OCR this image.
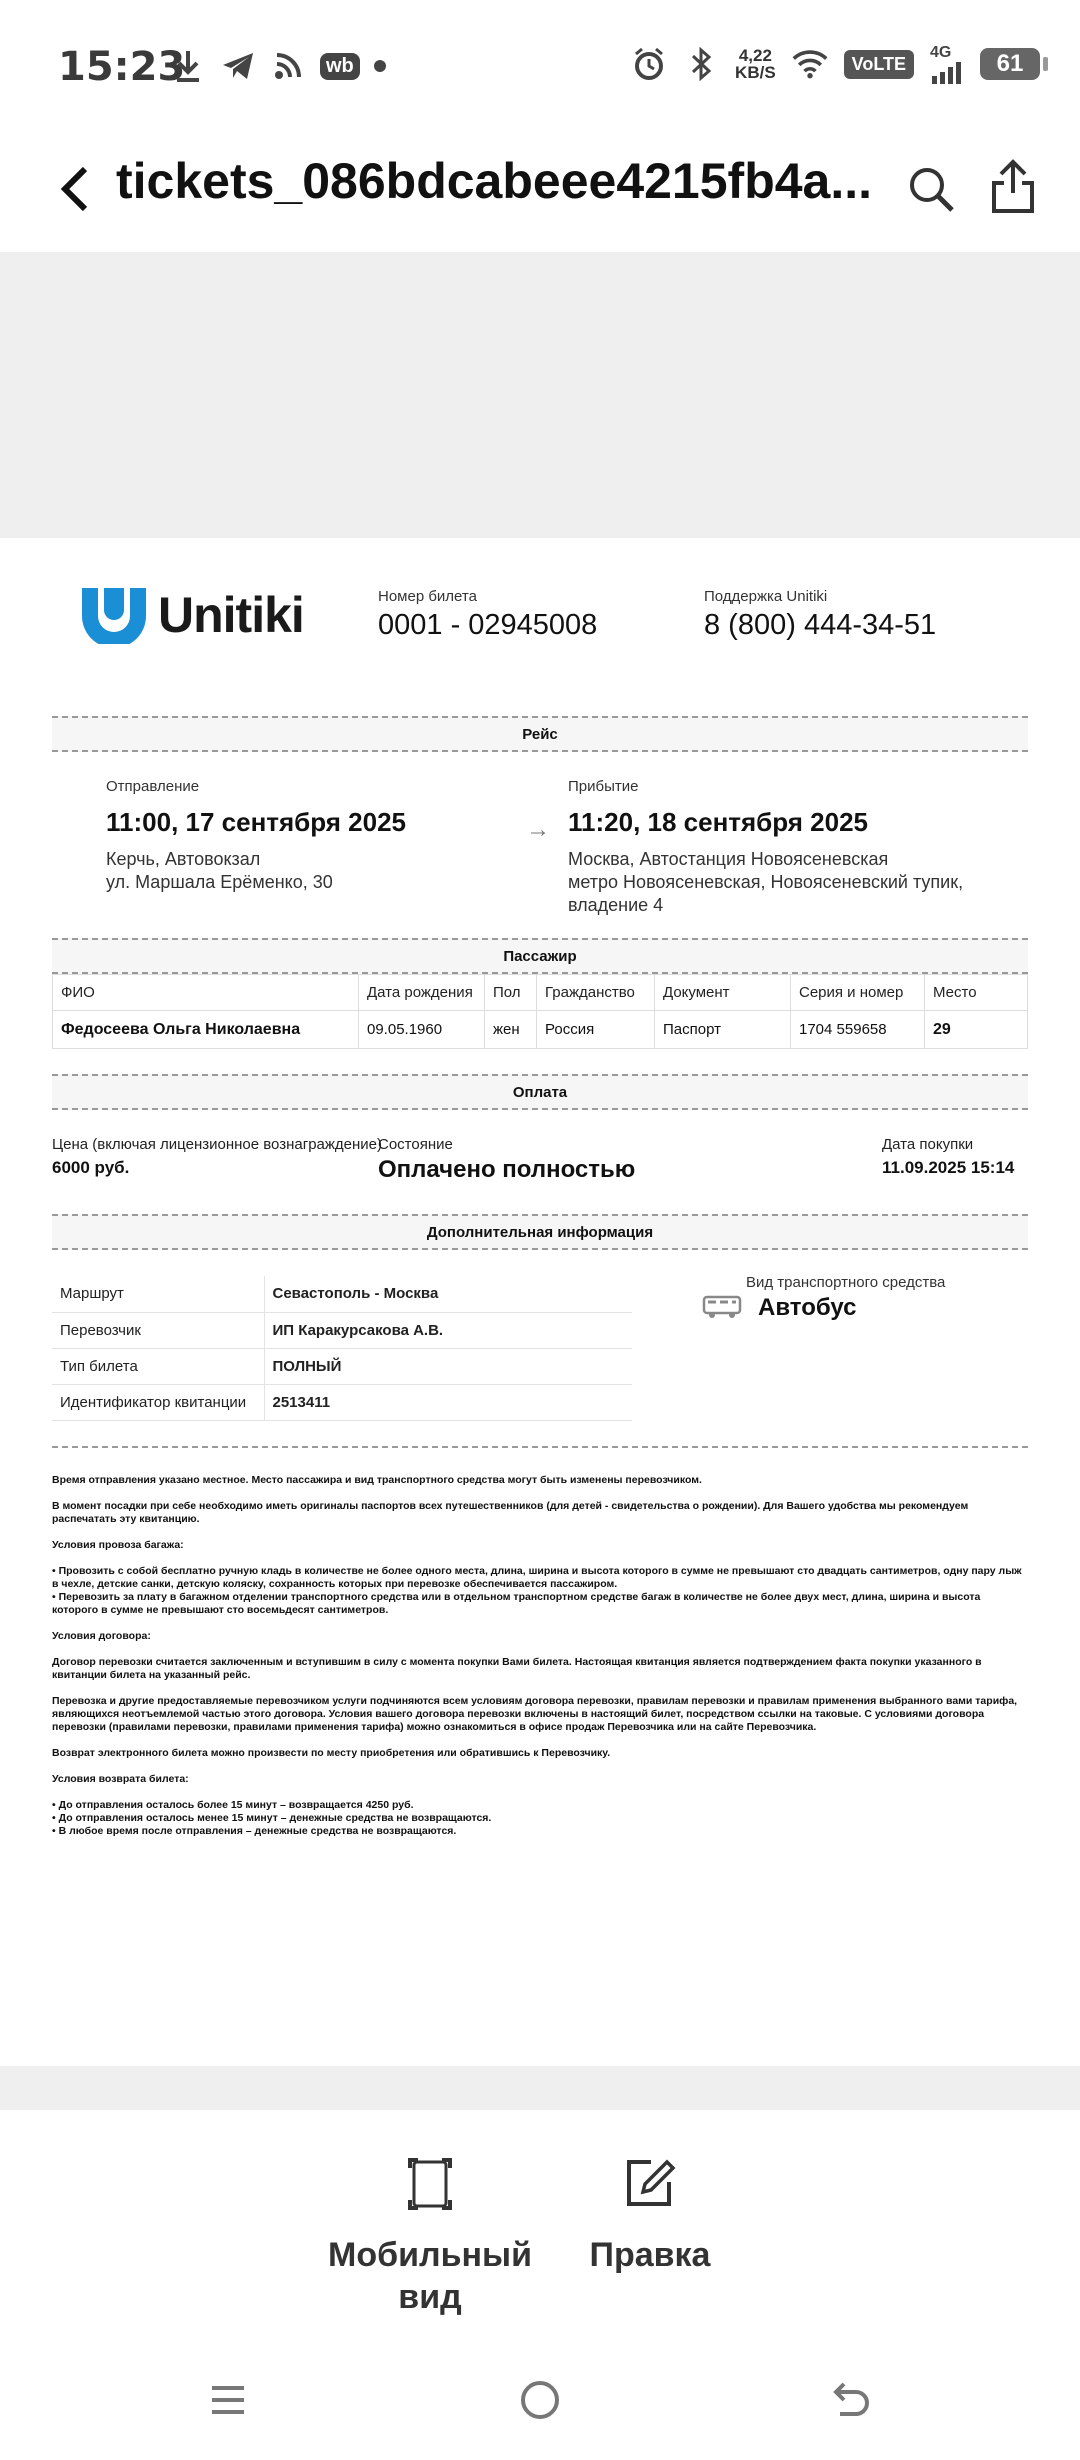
15:23	wb	4,22
KB/S	VoLTE
4G	61
tickets_086bdcabeee4215fb4a...
Unitiki	Номер билета
0001 - 02945008
Поддержка Unitiki
8 (800) 444-34-51
Рейс
Отправление
11:00, 17 сентября 2025
Керчь, Автовокзал
ул. Маршала Ерёменко, 30
→
Прибытие
11:20, 18 сентября 2025
Москва, Автостанция Новоясеневская
метро Новоясеневская, Новоясеневский тупик, владение 4
Пассажир
ФИО	Дата рождения	Пол	Гражданство	Документ	Серия и номер	Место
Федосеева Ольга Николаевна	09.05.1960	жен	Россия	Паспорт	1704 559658	29
Оплата
Цена (включая лицензионное вознаграждение)
6000 руб.
Состояние
Оплачено полностью
Дата покупки
11.09.2025 15:14
Дополнительная информация
Маршрут	Севастополь - Москва
Перевозчик	ИП Каракурсакова А.В.
Тип билета	ПОЛНЫЙ
Идентификатор квитанции	2513411
Вид транспортного средства
Автобус

Время отправления указано местное. Место пассажира и вид транспортного средства могут быть изменены перевозчиком.

В момент посадки при себе необходимо иметь оригиналы паспортов всех путешественников (для детей - свидетельства о рождении). Для Вашего удобства мы рекомендуем распечатать эту квитанцию.

Условия провоза багажа:

• Провозить с собой бесплатно ручную кладь в количестве не более одного места, длина, ширина и высота которого в сумме не превышают сто двадцать сантиметров, одну пару лыж в чехле, детские санки, детскую коляску, сохранность которых при перевозке обеспечивается пассажиром.

• Перевозить за плату в багажном отделении транспортного средства или в отдельном транспортном средстве багаж в количестве не более двух мест, длина, ширина и высота которого в сумме не превышают сто восемьдесят сантиметров.

Условия договора:

Договор перевозки считается заключенным и вступившим в силу с момента покупки Вами билета. Настоящая квитанция является подтверждением факта покупки указанного в квитанции билета на указанный рейс.

Перевозка и другие предоставляемые перевозчиком услуги подчиняются всем условиям договора перевозки, правилам перевозки и правилам применения выбранного вами тарифа, являющихся неотъемлемой частью этого договора. Условия вашего договора перевозки включены в настоящий билет, посредством ссылки на таковые. С условиями договора перевозки (правилами перевозки, правилами применения тарифа) можно ознакомиться в офисе продаж Перевозчика или на сайте Перевозчика.

Возврат электронного билета можно произвести по месту приобретения или обратившись к Перевозчику.

Условия возврата билета:

• До отправления осталось более 15 минут – возвращается 4250 руб.

• До отправления осталось менее 15 минут – денежные средства не возвращаются.

• В любое время после отправления – денежные средства не возвращаются.

Мобильный
вид
Правка
